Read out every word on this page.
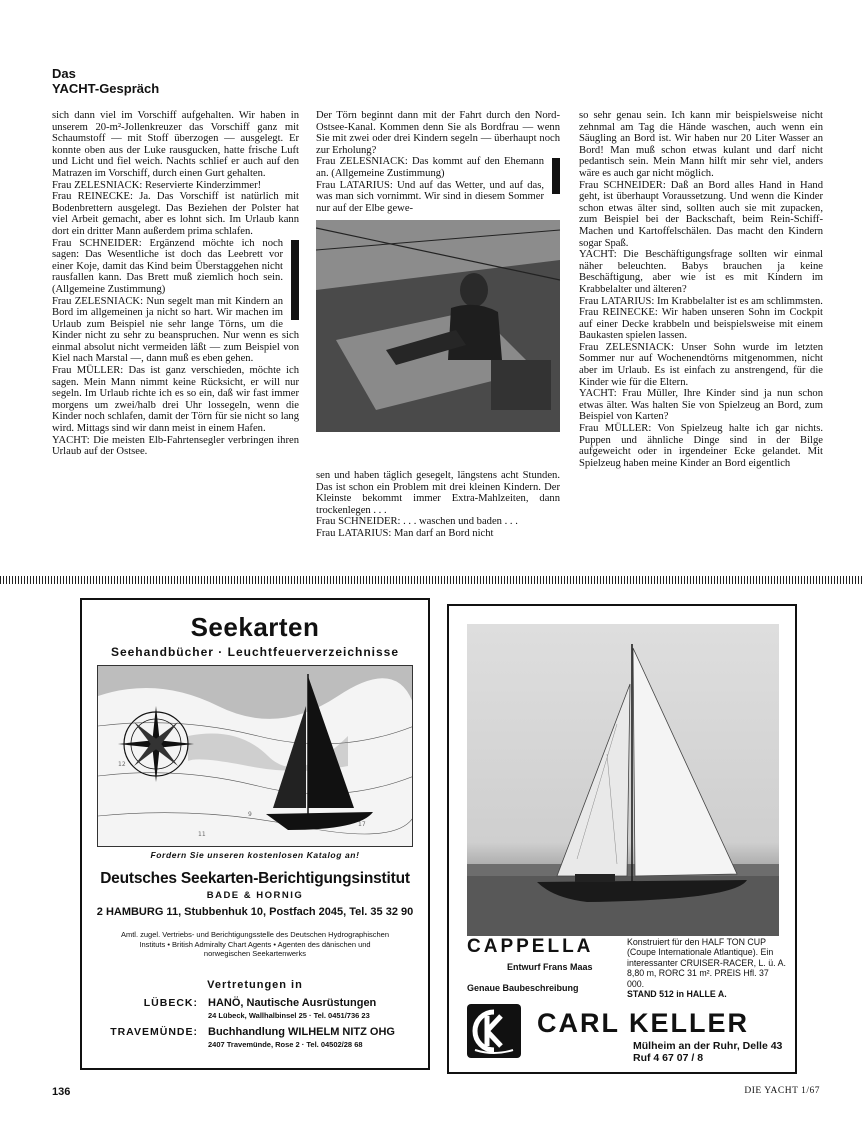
Das
YACHT-Gespräch

sich dann viel im Vorschiff aufgehalten. Wir haben in unserem 20-m²-Jollenkreuzer das Vorschiff ganz mit Schaumstoff — mit Stoff überzogen — ausgelegt. Er konnte oben aus der Luke rausgucken, hatte frische Luft und Licht und fiel weich. Nachts schlief er auch auf den Matrazen im Vorschiff, durch einen Gurt gehalten.

Frau ZELESNIACK: Reservierte Kinderzimmer!

Frau REINECKE: Ja. Das Vorschiff ist natürlich mit Bodenbrettern ausgelegt. Das Beziehen der Polster hat viel Arbeit gemacht, aber es lohnt sich. Im Urlaub kann dort ein dritter Mann außerdem prima schlafen.

Frau SCHNEIDER: Ergänzend möchte ich noch sagen: Das Wesentliche ist doch das Leebrett vor einer Koje, damit das Kind beim Überstaggehen nicht rausfallen kann. Das Brett muß ziemlich hoch sein. (Allgemeine Zustimmung)

Frau ZELESNIACK: Nun segelt man mit Kindern an Bord im allgemeinen ja nicht so hart. Wir machen im Urlaub zum Beispiel nie sehr lange Törns, um die Kinder nicht zu sehr zu beanspruchen. Nur wenn es sich einmal absolut nicht vermeiden läßt — zum Beispiel von Kiel nach Marstal —, dann muß es eben gehen.

Frau MÜLLER: Das ist ganz verschieden, möchte ich sagen. Mein Mann nimmt keine Rücksicht, er will nur segeln. Im Urlaub richte ich es so ein, daß wir fast immer morgens um zwei/halb drei Uhr lossegeln, wenn die Kinder noch schlafen, damit der Törn für sie nicht so lang wird. Mittags sind wir dann meist in einem Hafen.

YACHT: Die meisten Elb-Fahrtensegler verbringen ihren Urlaub auf der Ostsee.

Der Törn beginnt dann mit der Fahrt durch den Nord-Ostsee-Kanal. Kommen denn Sie als Bordfrau — wenn Sie mit zwei oder drei Kindern segeln — überhaupt noch zur Erholung?

Frau ZELESNIACK: Das kommt auf den Ehemann an. (Allgemeine Zustimmung)

Frau LATARIUS: Und auf das Wetter, und auf das, was man sich vornimmt. Wir sind in diesem Sommer nur auf der Elbe gewe-

sen und haben täglich gesegelt, längstens acht Stunden. Das ist schon ein Problem mit drei kleinen Kindern. Der Kleinste bekommt immer Extra-Mahlzeiten, dann trockenlegen . . .

Frau SCHNEIDER: . . . waschen und baden . . .

Frau LATARIUS: Man darf an Bord nicht

so sehr genau sein. Ich kann mir beispielsweise nicht zehnmal am Tag die Hände waschen, auch wenn ein Säugling an Bord ist. Wir haben nur 20 Liter Wasser an Bord! Man muß schon etwas kulant und darf nicht pedantisch sein. Mein Mann hilft mir sehr viel, anders wäre es auch gar nicht möglich.

Frau SCHNEIDER: Daß an Bord alles Hand in Hand geht, ist überhaupt Voraussetzung. Und wenn die Kinder schon etwas älter sind, sollten auch sie mit zupacken, zum Beispiel bei der Backschaft, beim Rein-Schiff-Machen und Kartoffelschälen. Das macht den Kindern sogar Spaß.

YACHT: Die Beschäftigungsfrage sollten wir einmal näher beleuchten. Babys brauchen ja keine Beschäftigung, aber wie ist es mit Kindern im Krabbelalter und älteren?

Frau LATARIUS: Im Krabbelalter ist es am schlimmsten.

Frau REINECKE: Wir haben unseren Sohn im Cockpit auf einer Decke krabbeln und beispielsweise mit einem Baukasten spielen lassen.

Frau ZELESNIACK: Unser Sohn wurde im letzten Sommer nur auf Wochenendtörns mitgenommen, nicht aber im Urlaub. Es ist einfach zu anstrengend, für die Kinder wie für die Eltern.

YACHT: Frau Müller, Ihre Kinder sind ja nun schon etwas älter. Was halten Sie von Spielzeug an Bord, zum Beispiel von Karten?

Frau MÜLLER: Von Spielzeug halte ich gar nichts. Puppen und ähnliche Dinge sind in der Bilge aufgeweicht oder in irgendeiner Ecke gelandet. Mit Spielzeug haben meine Kinder an Bord eigentlich

Seekarten
Seehandbücher · Leuchtfeuerverzeichnisse
12
9
17
11
Fordern Sie unseren kostenlosen Katalog an!
Deutsches Seekarten-Berichtigungsinstitut
BADE & HORNIG
2 HAMBURG 11, Stubbenhuk 10, Postfach 2045, Tel. 35 32 90
Amtl. zugel. Vertriebs- und Berichtigungsstelle des Deutschen Hydrographischen
Instituts • British Admiralty Chart Agents • Agenten des dänischen und
norwegischen Seekartenwerks
Vertretungen in
LÜBECK: HANÖ, Nautische Ausrüstungen
24 Lübeck, Wallhalbinsel 25 · Tel. 0451/736 23
TRAVEMÜNDE: Buchhandlung WILHELM NITZ OHG
2407 Travemünde, Rose 2 · Tel. 04502/28 68
CAPPELLA
Entwurf Frans Maas
Genaue Baubeschreibung
Konstruiert für den HALF TON CUP (Coupe Internationale Atlantique). Ein interessanter CRUISER-RACER, L. ü. A. 8,80 m, RORC 31 m². PREIS Hfl. 37 000.
STAND 512 in HALLE A.
CARL KELLER
Mülheim an der Ruhr, Delle 43
Ruf 4 67 07 / 8
136	DIE YACHT 1/67
